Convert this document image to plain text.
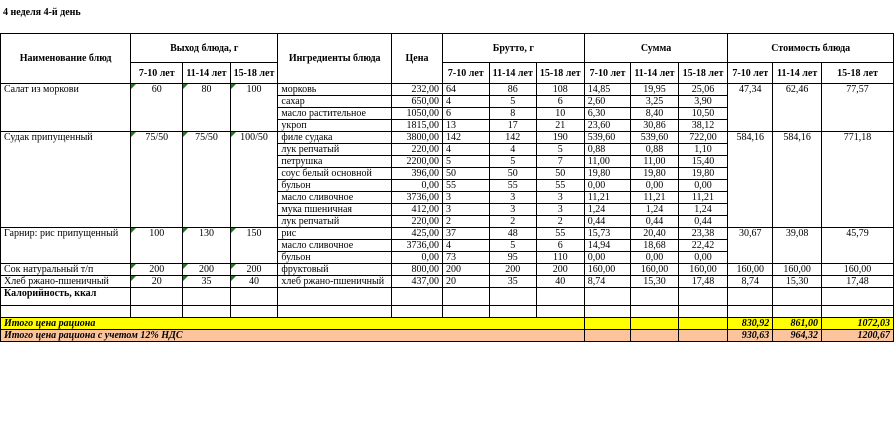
4 неделя 4-й день
Наименование блюд	Выход блюда, г			Ингредиенты блюда	Цена	Брутто, г			Сумма			Стоимость блюда		
	7-10 лет	11-14 лет	15-18 лет			7-10 лет	11-14 лет	15-18 лет	7-10 лет	11-14 лет	15-18 лет	7-10 лет	11-14 лет	15-18 лет
Салат из моркови	60	80	100	морковь	232,00	64	86	108	14,85	19,95	25,06	47,34	62,46	77,57
				сахар	650,00	4	5	6	2,60	3,25	3,90			
				масло растительное	1050,00	6	8	10	6,30	8,40	10,50			
				укроп	1815,00	13	17	21	23,60	30,86	38,12			
Судак припущенный	75/50	75/50	100/50	филе судака	3800,00	142	142	190	539,60	539,60	722,00	584,16	584,16	771,18
				лук репчатый	220,00	4	4	5	0,88	0,88	1,10			
				петрушка	2200,00	5	5	7	11,00	11,00	15,40			
				соус белый основной	396,00	50	50	50	19,80	19,80	19,80			
				бульон	0,00	55	55	55	0,00	0,00	0,00			
				масло сливочное	3736,00	3	3	3	11,21	11,21	11,21			
				мука пшеничная	412,00	3	3	3	1,24	1,24	1,24			
				лук репчатый	220,00	2	2	2	0,44	0,44	0,44			
Гарнир: рис припущенный	100	130	150	рис	425,00	37	48	55	15,73	20,40	23,38	30,67	39,08	45,79
				масло сливочное	3736,00	4	5	6	14,94	18,68	22,42			
				бульон	0,00	73	95	110	0,00	0,00	0,00			
Сок натуральный т/п	200	200	200	фруктовый	800,00	200	200	200	160,00	160,00	160,00	160,00	160,00	160,00
Хлеб ржано-пшеничный	20	35	40	хлеб ржано-пшеничный	437,00	20	35	40	8,74	15,30	17,48	8,74	15,30	17,48
Калорийность, ккал														

Итого цена рациона												830,92	861,00	1072,03
Итого цена рациона с учетом 12% НДС												930,63	964,32	1200,67
